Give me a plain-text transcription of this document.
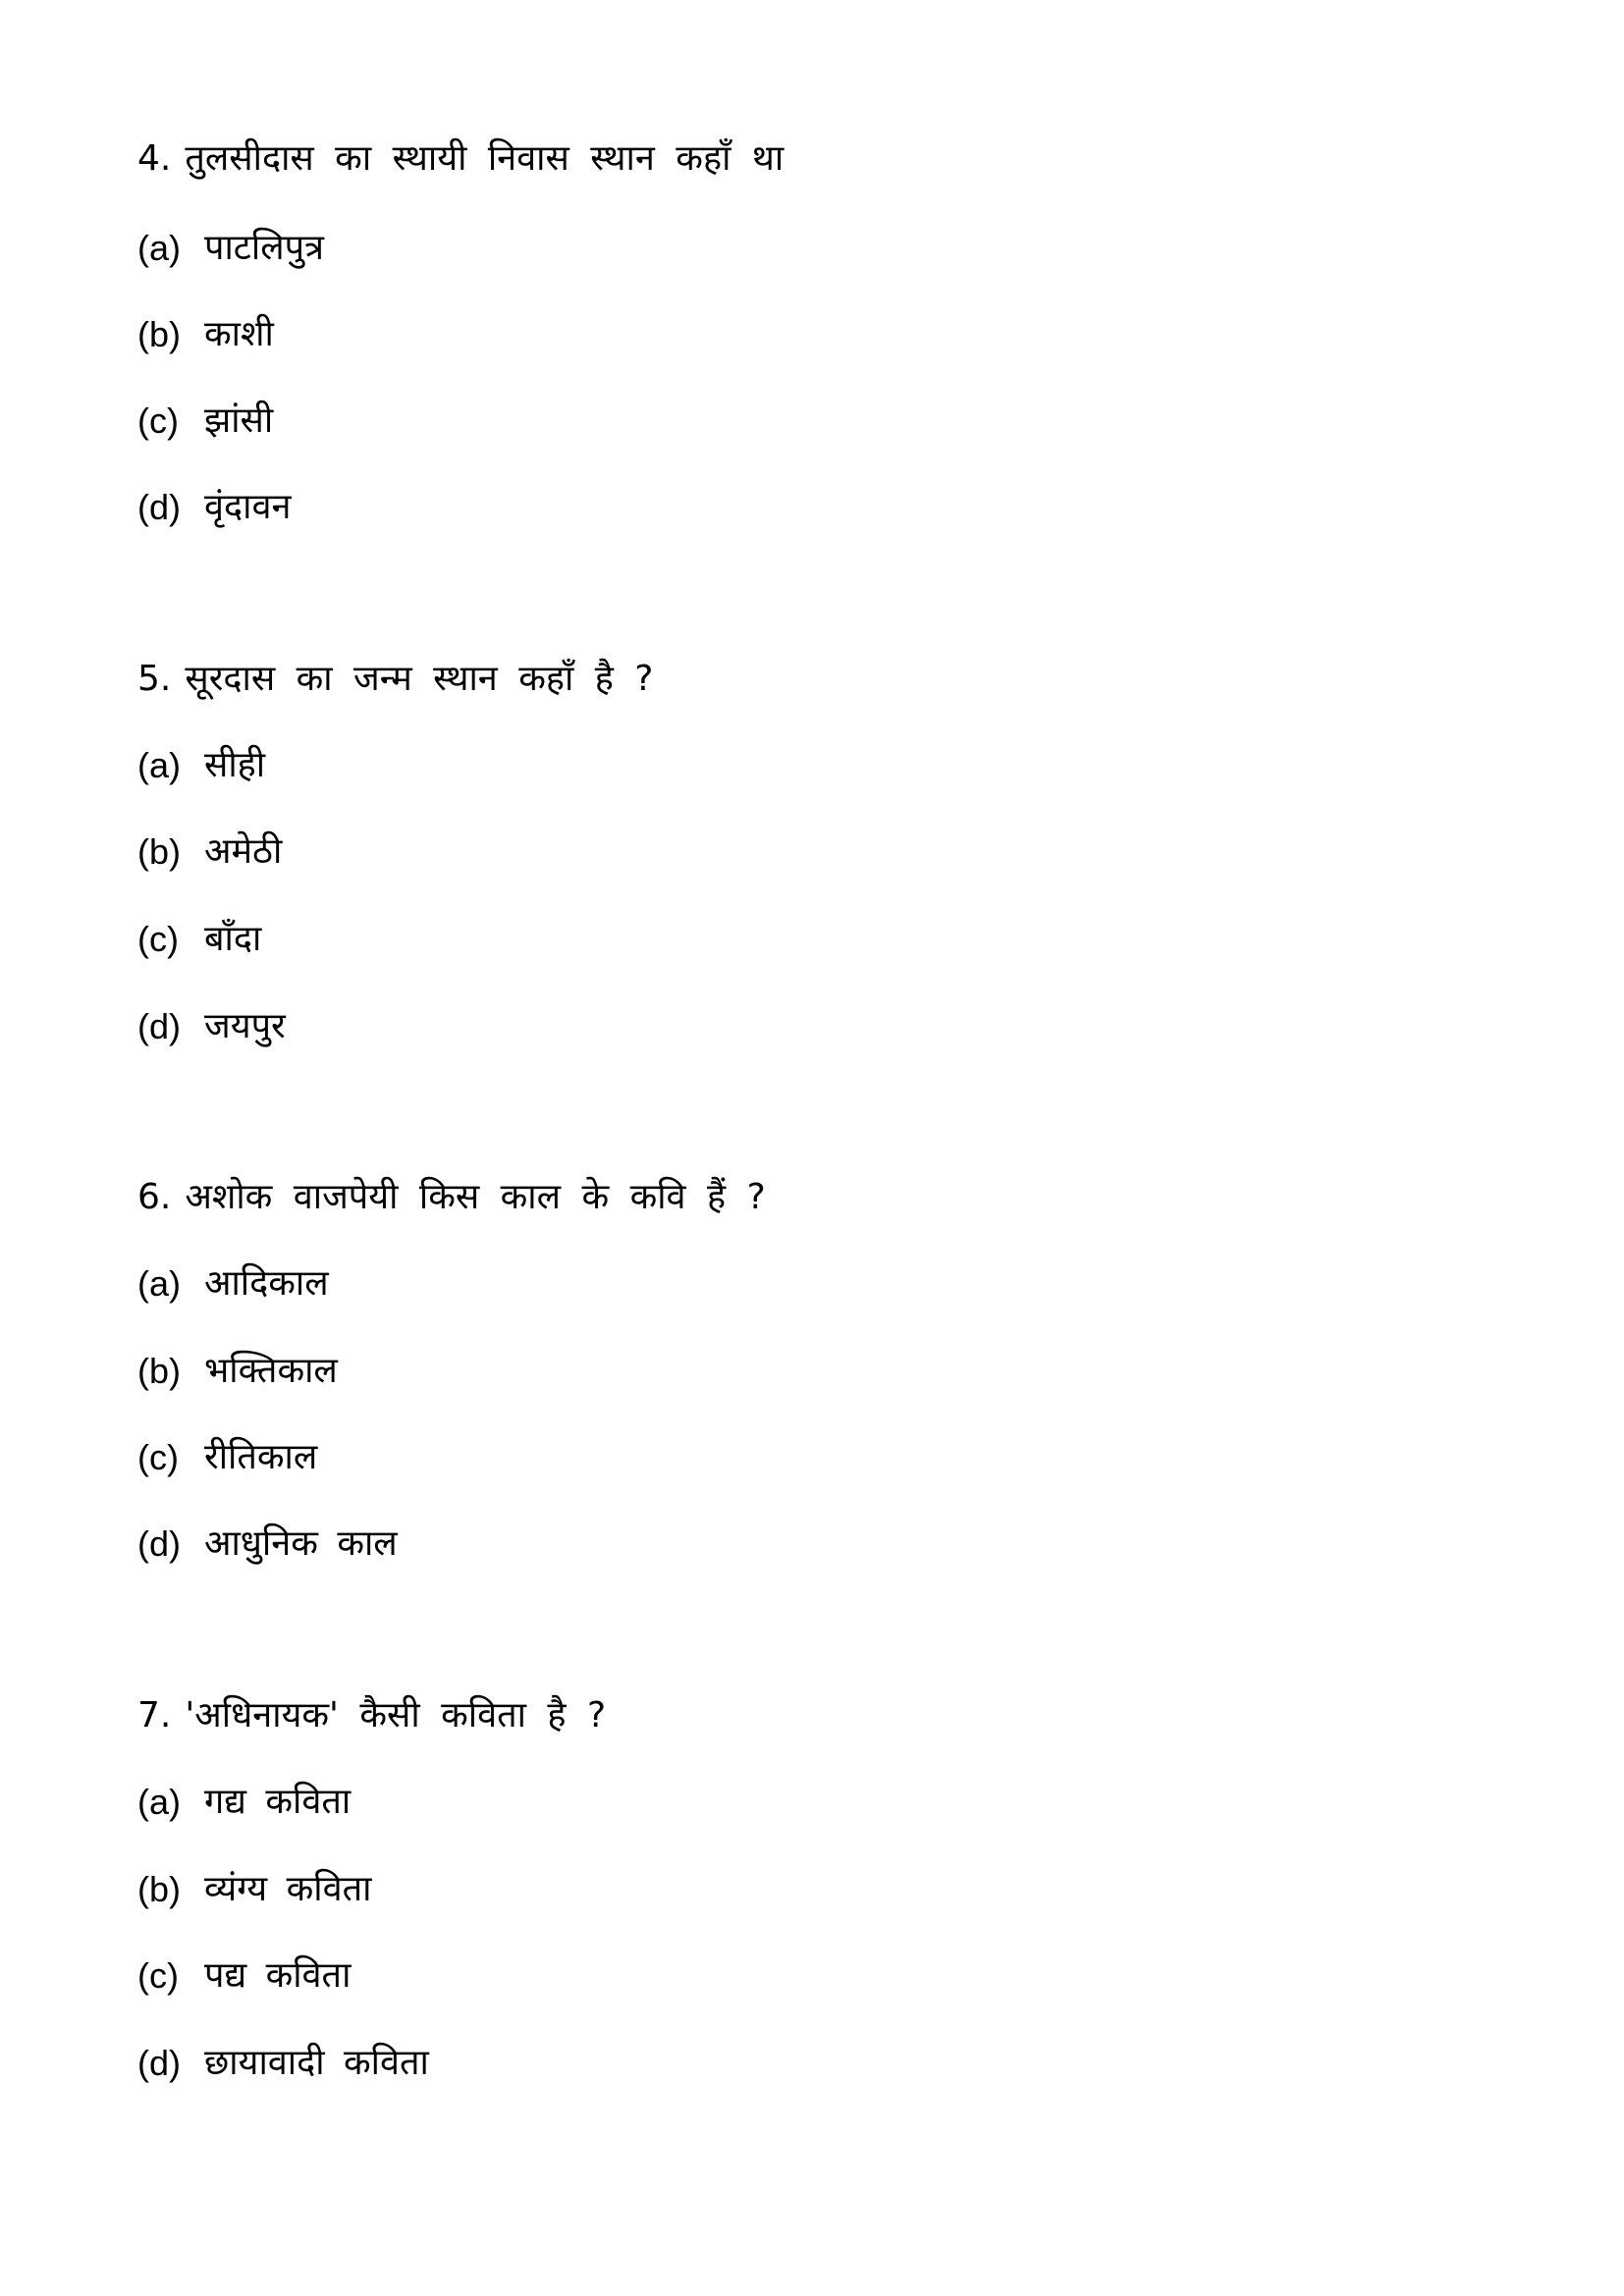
4. तुलसीदास का स्थायी निवास स्थान कहाँ था
(a) पाटलिपुत्र
(b) काशी
(c) झांसी
(d) वृंदावन
5. सूरदास का जन्म स्थान कहाँ है ?
(a) सीही
(b) अमेठी
(c) बाँदा
(d) जयपुर
6. अशोक वाजपेयी किस काल के कवि हैं ?
(a) आदिकाल
(b) भक्तिकाल
(c) रीतिकाल
(d) आधुनिक काल
7. 'अधिनायक' कैसी कविता है ?
(a) गद्य कविता
(b) व्यंग्य कविता
(c) पद्य कविता
(d) छायावादी कविता
